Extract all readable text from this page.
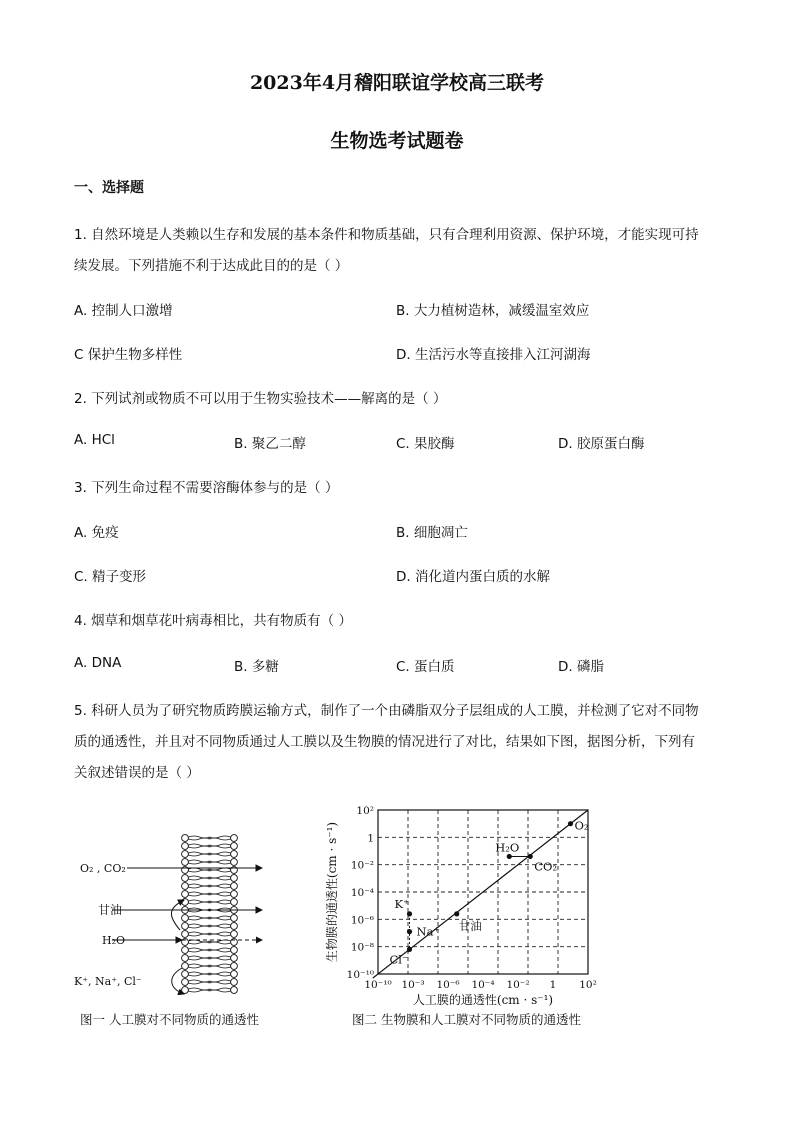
2023年4月稽阳联谊学校高三联考
生物选考试题卷
一、选择题
1. 自然环境是人类赖以生存和发展的基本条件和物质基础，只有合理利用资源、保护环境，才能实现可持
续发展。下列措施不利于达成此目的的是（ ）
A. 控制人口激增	B. 大力植树造林，减缓温室效应
C 保护生物多样性	D. 生活污水等直接排入江河湖海
2. 下列试剂或物质不可以用于生物实验技术——解离的是（ ）
A. HCl	B. 聚乙二醇	C. 果胶酶	D. 胶原蛋白酶
3. 下列生命过程不需要溶酶体参与的是（ ）
A. 免疫	B. 细胞凋亡
C. 精子变形	D. 消化道内蛋白质的水解
4. 烟草和烟草花叶病毒相比，共有物质有（ ）
A. DNA	B. 多糖	C. 蛋白质	D. 磷脂
5. 科研人员为了研究物质跨膜运输方式，制作了一个由磷脂双分子层组成的人工膜，并检测了它对不同物
质的通透性，并且对不同物质通过人工膜以及生物膜的情况进行了对比，结果如下图，据图分析，下列有
关叙述错误的是（ ）
O₂ , CO₂
甘油
H₂O
K⁺, Na⁺, Cl⁻
图一 人工膜对不同物质的通透性
10⁻¹⁰ 10⁻³ 10⁻⁶ 10⁻⁴ 10⁻² 1 10²
10²
1
10⁻²
10⁻⁴
10⁻⁶
10⁻⁸
10⁻¹⁰
O₂
CO₂
H₂O
甘油
K⁺
Na⁺
Cl⁻
人工膜的通透性(cm · s⁻¹)
生物膜的通透性(cm · s⁻¹)
图二 生物膜和人工膜对不同物质的通透性
